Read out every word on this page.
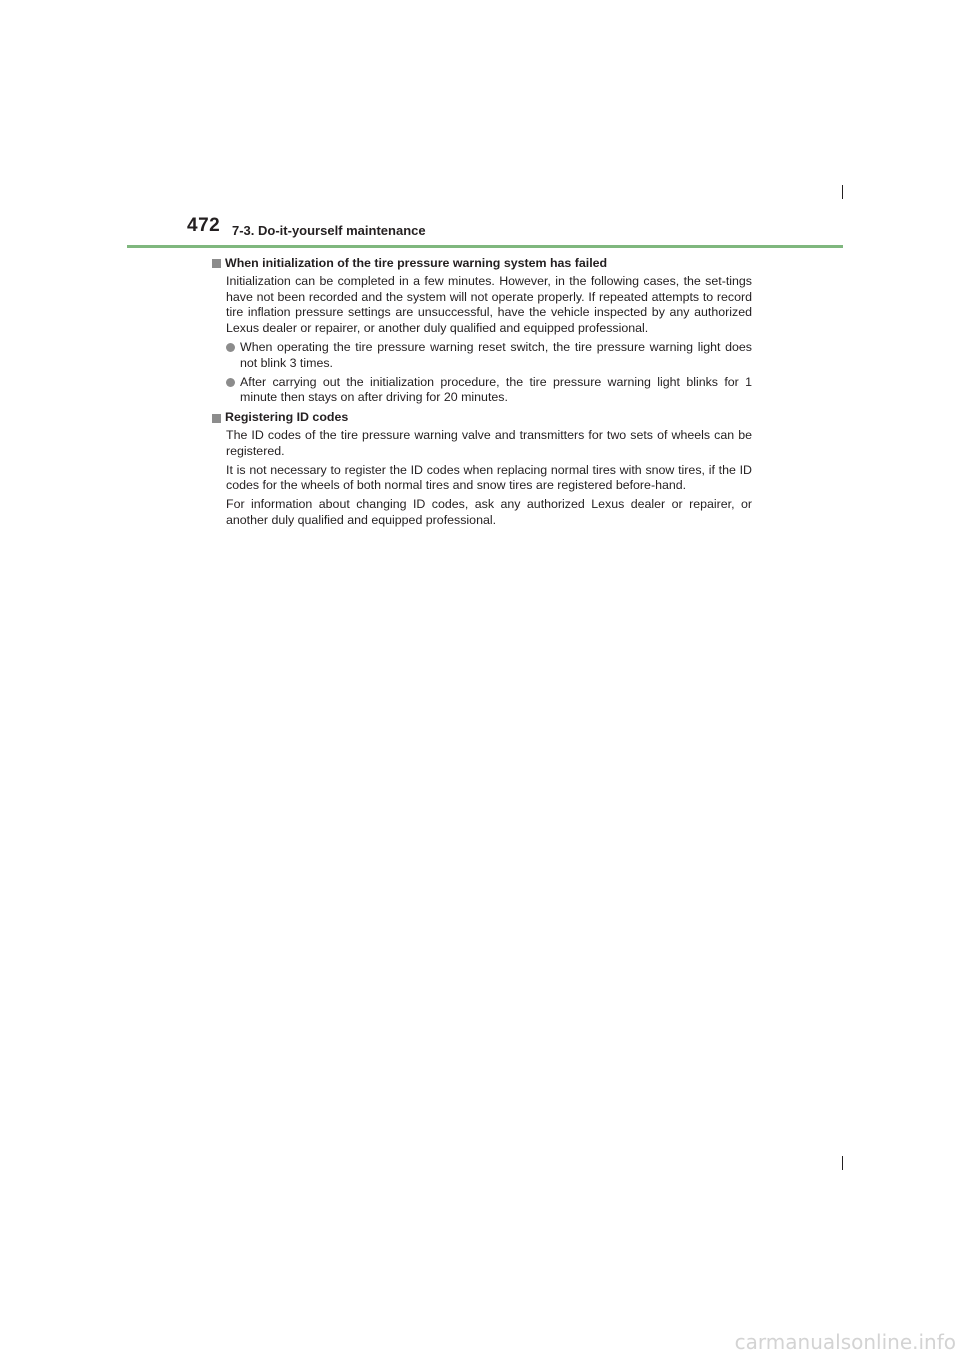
472 7-3. Do-it-yourself maintenance
When initialization of the tire pressure warning system has failed

Initialization can be completed in a few minutes. However, in the following cases, the set-tings have not been recorded and the system will not operate properly. If repeated attempts to record tire inflation pressure settings are unsuccessful, have the vehicle inspected by any authorized Lexus dealer or repairer, or another duly qualified and equipped professional.

When operating the tire pressure warning reset switch, the tire pressure warning light does not blink 3 times.
After carrying out the initialization procedure, the tire pressure warning light blinks for 1 minute then stays on after driving for 20 minutes.
Registering ID codes

The ID codes of the tire pressure warning valve and transmitters for two sets of wheels can be registered.

It is not necessary to register the ID codes when replacing normal tires with snow tires, if the ID codes for the wheels of both normal tires and snow tires are registered before-hand.

For information about changing ID codes, ask any authorized Lexus dealer or repairer, or another duly qualified and equipped professional.

carmanualsonline.info
